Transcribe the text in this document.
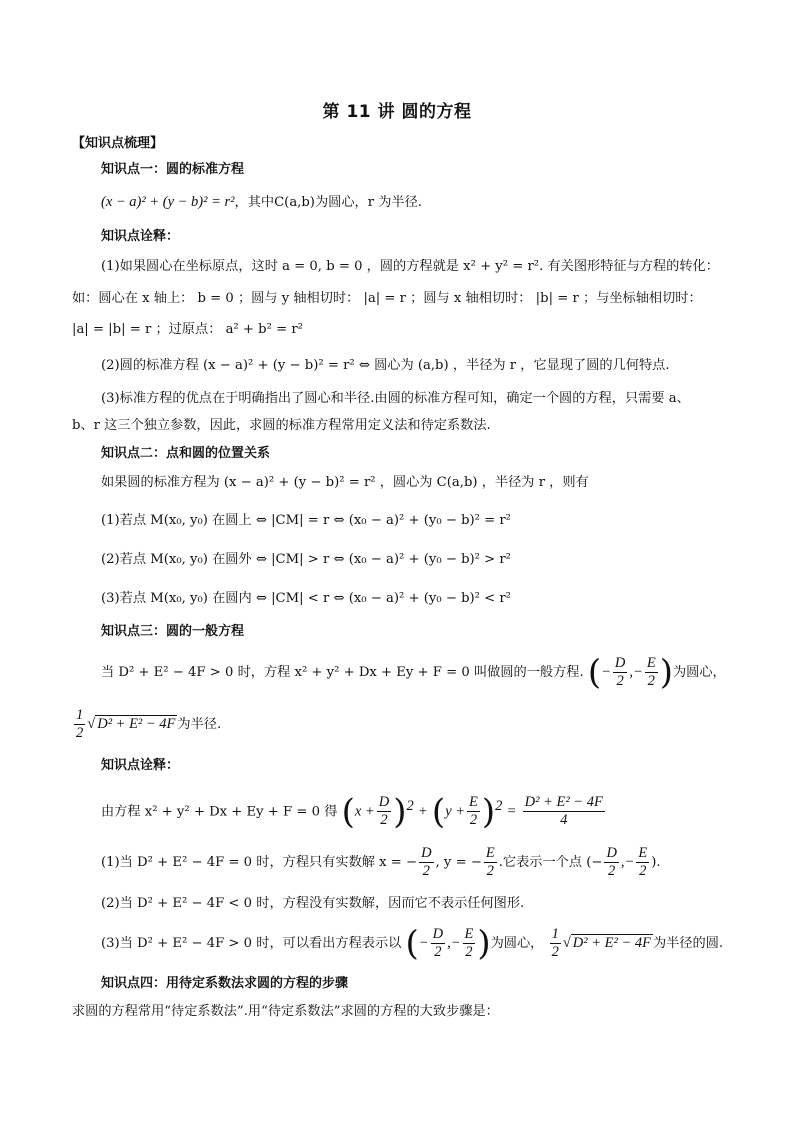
第 11 讲 圆的方程
【知识点梳理】
知识点一：圆的标准方程
(x − a)² + (y − b)² = r²，其中C(a,b)为圆心，r 为半径.
知识点诠释：
(1)如果圆心在坐标原点，这时 a = 0, b = 0 ，圆的方程就是 x² + y² = r². 有关图形特征与方程的转化：
如：圆心在 x 轴上： b = 0 ；圆与 y 轴相切时： |a| = r ；圆与 x 轴相切时： |b| = r ；与坐标轴相切时：
|a| = |b| = r ；过原点： a² + b² = r²
(2)圆的标准方程 (x − a)² + (y − b)² = r² ⇔ 圆心为 (a,b) ，半径为 r ，它显现了圆的几何特点.
(3)标准方程的优点在于明确指出了圆心和半径.由圆的标准方程可知，确定一个圆的方程，只需要 a、
b、r 这三个独立参数，因此，求圆的标准方程常用定义法和待定系数法.
知识点二：点和圆的位置关系
如果圆的标准方程为 (x − a)² + (y − b)² = r² ，圆心为 C(a,b) ，半径为 r ，则有
(1)若点 M(x₀, y₀) 在圆上 ⇔ |CM| = r ⇔ (x₀ − a)² + (y₀ − b)² = r²
(2)若点 M(x₀, y₀) 在圆外 ⇔ |CM| > r ⇔ (x₀ − a)² + (y₀ − b)² > r²
(3)若点 M(x₀, y₀) 在圆内 ⇔ |CM| < r ⇔ (x₀ − a)² + (y₀ − b)² < r²
知识点三：圆的一般方程
当 D² + E² − 4F > 0 时，方程 x² + y² + Dx + Ey + F = 0 叫做圆的一般方程. (− $\frac{D}{2}$ ,− $\frac{E}{2}$ )为圆心，
$\frac{1}{2}$ √ D² + E² − 4F 为半径.
知识点诠释：
由方程 x² + y² + Dx + Ey + F = 0 得 $(x + \frac{D}{2} )^2 + (y + \frac{E}{2} )^2 = \frac{\text{D² + E² − 4F}}{4}$
(1)当 D² + E² − 4F = 0 时，方程只有实数解 x = − $\frac{D}{2}$ , y = − $\frac{E}{2}$ .它表示一个点 (− $\frac{D}{2}$ ,− $\frac{E}{2}$ ).
(2)当 D² + E² − 4F < 0 时，方程没有实数解，因而它不表示任何图形.
(3)当 D² + E² − 4F > 0 时，可以看出方程表示以 (− $\frac{D}{2}$ ,− $\frac{E}{2}$ )为圆心， $\frac{1}{2}$ √ D² + E² − 4F 为半径的圆.
知识点四：用待定系数法求圆的方程的步骤
求圆的方程常用“待定系数法”.用“待定系数法”求圆的方程的大致步骤是：
